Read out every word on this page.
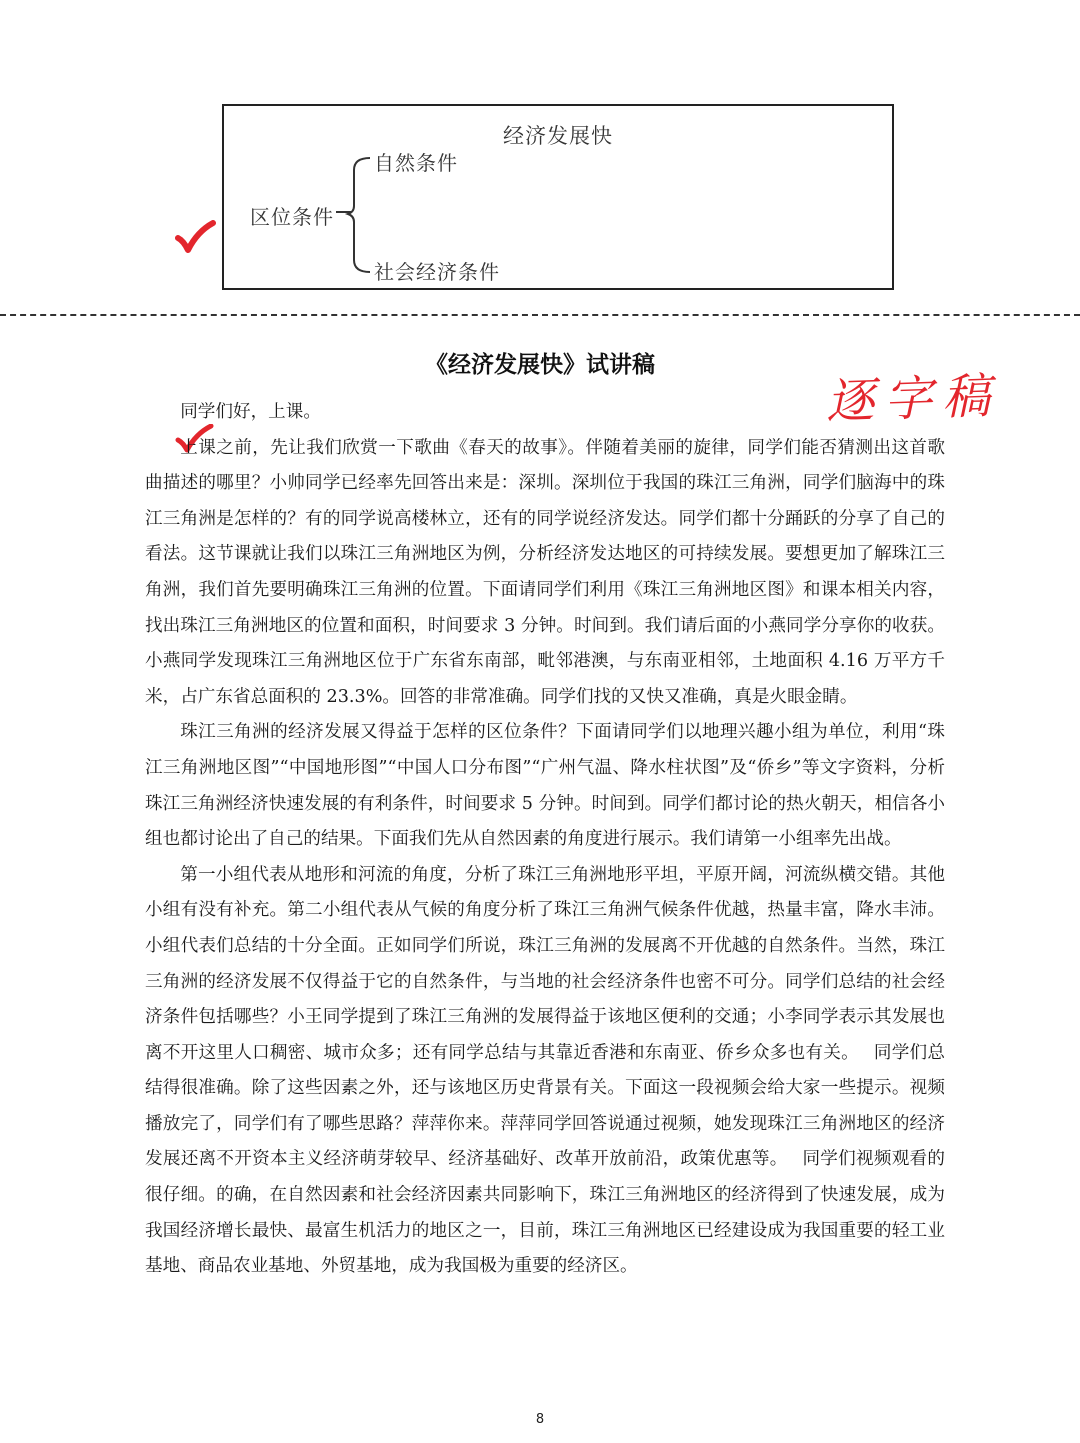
经济发展快
区位条件
自然条件
社会经济条件
逐字稿
《经济发展快》试讲稿

同学们好，上课。

上课之前，先让我们欣赏一下歌曲《春天的故事》。伴随着美丽的旋律，同学们能否猜测出这首歌曲描述的哪里？小帅同学已经率先回答出来是：深圳。深圳位于我国的珠江三角洲，同学们脑海中的珠江三角洲是怎样的？有的同学说高楼林立，还有的同学说经济发达。同学们都十分踊跃的分享了自己的看法。这节课就让我们以珠江三角洲地区为例，分析经济发达地区的可持续发展。要想更加了解珠江三角洲，我们首先要明确珠江三角洲的位置。下面请同学们利用《珠江三角洲地区图》和课本相关内容，找出珠江三角洲地区的位置和面积，时间要求 3 分钟。时间到。我们请后面的小燕同学分享你的收获。小燕同学发现珠江三角洲地区位于广东省东南部，毗邻港澳，与东南亚相邻，土地面积 4.16 万平方千米，占广东省总面积的 23.3%。回答的非常准确。同学们找的又快又准确，真是火眼金睛。

珠江三角洲的经济发展又得益于怎样的区位条件？下面请同学们以地理兴趣小组为单位，利用“珠江三角洲地区图”“中国地形图”“中国人口分布图”“广州气温、降水柱状图”及“侨乡”等文字资料，分析珠江三角洲经济快速发展的有利条件，时间要求 5 分钟。时间到。同学们都讨论的热火朝天，相信各小组也都讨论出了自己的结果。下面我们先从自然因素的角度进行展示。我们请第一小组率先出战。

第一小组代表从地形和河流的角度，分析了珠江三角洲地形平坦，平原开阔，河流纵横交错。其他小组有没有补充。第二小组代表从气候的角度分析了珠江三角洲气候条件优越，热量丰富，降水丰沛。小组代表们总结的十分全面。正如同学们所说，珠江三角洲的发展离不开优越的自然条件。当然，珠江三角洲的经济发展不仅得益于它的自然条件，与当地的社会经济条件也密不可分。同学们总结的社会经济条件包括哪些？小王同学提到了珠江三角洲的发展得益于该地区便利的交通；小李同学表示其发展也离不开这里人口稠密、城市众多；还有同学总结与其靠近香港和东南亚、侨乡众多也有关。　 同学们总结得很准确。除了这些因素之外，还与该地区历史背景有关。下面这一段视频会给大家一些提示。视频播放完了，同学们有了哪些思路？萍萍你来。萍萍同学回答说通过视频，她发现珠江三角洲地区的经济发展还离不开资本主义经济萌芽较早、经济基础好、改革开放前沿，政策优惠等。　 同学们视频观看的很仔细。的确，在自然因素和社会经济因素共同影响下，珠江三角洲地区的经济得到了快速发展，成为我国经济增长最快、最富生机活力的地区之一，目前，珠江三角洲地区已经建设成为我国重要的轻工业基地、商品农业基地、外贸基地，成为我国极为重要的经济区。

8
